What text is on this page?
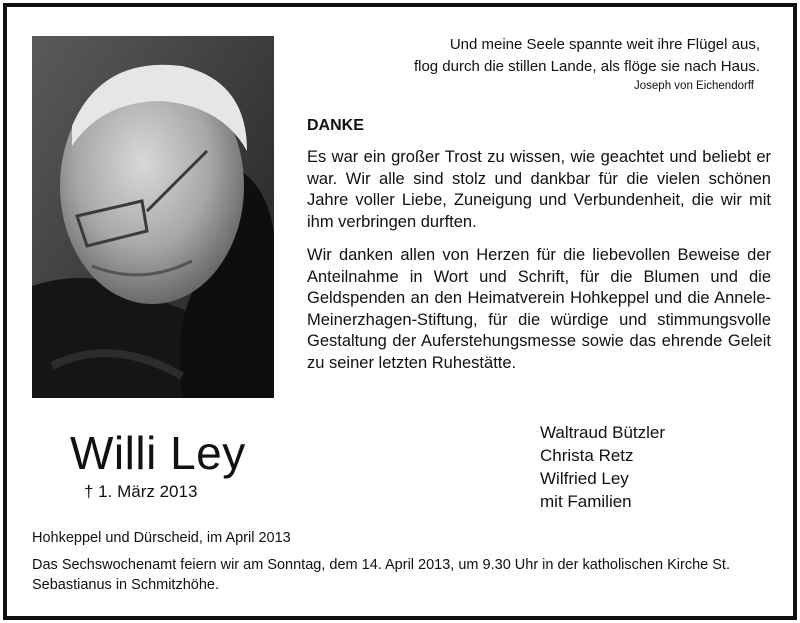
Und meine Seele spannte weit ihre Flügel aus,
flog durch die stillen Lande, als flöge sie nach Haus.
Joseph von Eichendorff
DANKE
Es war ein großer Trost zu wissen, wie geachtet und beliebt er war. Wir alle sind stolz und dankbar für die vielen schönen Jahre voller Liebe, Zuneigung und Verbundenheit, die wir mit ihm verbringen durften.
Wir danken allen von Herzen für die liebevollen Beweise der Anteilnahme in Wort und Schrift, für die Blumen und die Geldspenden an den Heimatverein Hohkeppel und die Annele-Meinerzhagen-Stiftung, für die würdige und stimmungsvolle Gestaltung der Auferstehungsmesse sowie das ehrende Geleit zu seiner letzten Ruhestätte.
Willi Ley
† 1. März 2013
Waltraud Bützler
Christa Retz
Wilfried Ley
mit Familien
Hohkeppel und Dürscheid, im April 2013
Das Sechswochenamt feiern wir am Sonntag, dem 14. April 2013, um 9.30 Uhr in der katholischen Kirche St. Sebastianus in Schmitzhöhe.
